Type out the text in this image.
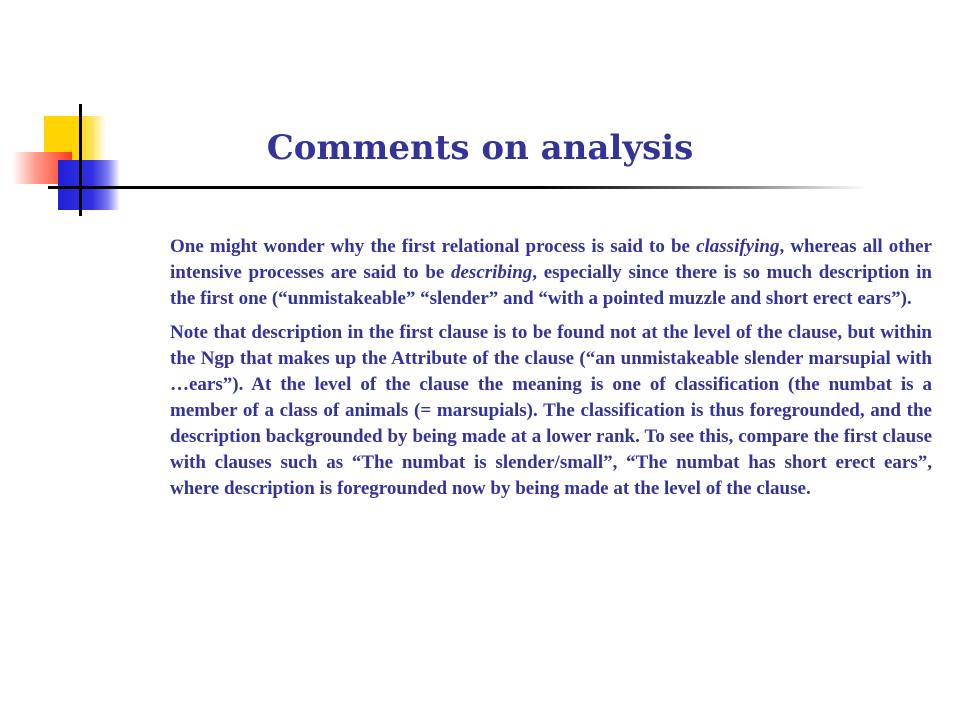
Comments on analysis

One might wonder why the first relational process is said to be classifying, whereas all other intensive processes are said to be describing, especially since there is so much description in the first one (“unmistakeable” “slender” and “with a pointed muzzle and short erect ears”).

Note that description in the first clause is to be found not at the level of the clause, but within the Ngp that makes up the Attribute of the clause (“an unmistakeable slender marsupial with …ears”). At the level of the clause the meaning is one of classification (the numbat is a member of a class of animals (= marsupials). The classification is thus foregrounded, and the description backgrounded by being made at a lower rank. To see this, compare the first clause with clauses such as “The numbat is slender/small”, “The numbat has short erect ears”, where description is foregrounded now by being made at the level of the clause.
